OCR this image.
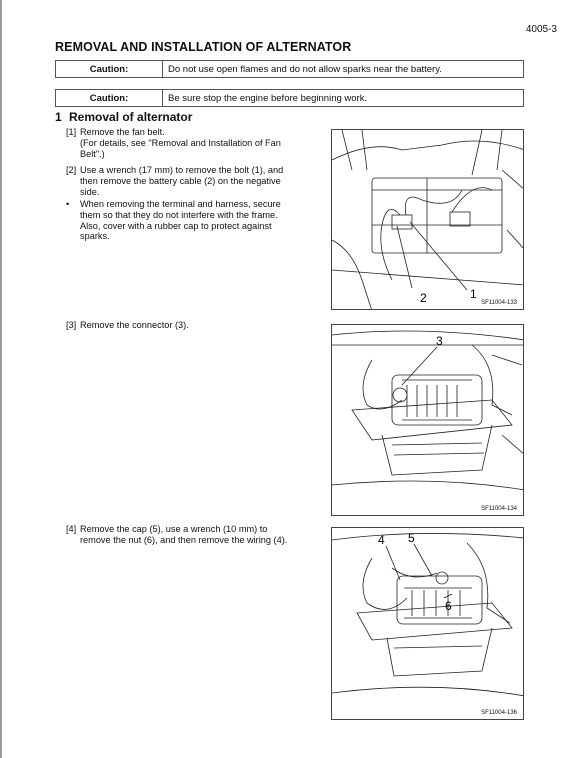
4005-3
REMOVAL AND INSTALLATION OF ALTERNATOR
Caution:	Do not use open flames and do not allow sparks near the battery.
Caution:	Be sure stop the engine before beginning work.
1 Removal of alternator
[1] Remove the fan belt.
(For details, see "Removal and Installation of Fan
Belt".)
[2] Use a wrench (17 mm) to remove the bolt (1), and
then remove the battery cable (2) on the negative
side.
•	When removing the terminal and harness, secure
them so that they do not interfere with the frame.
Also, cover with a rubber cap to protect against
sparks.
[3] Remove the connector (3).
[4] Remove the cap (5), use a wrench (10 mm) to
remove the nut (6), and then remove the wiring (4).
2	1
SF11004-133
3
SF11004-134
4 5
6
SF11004-136
